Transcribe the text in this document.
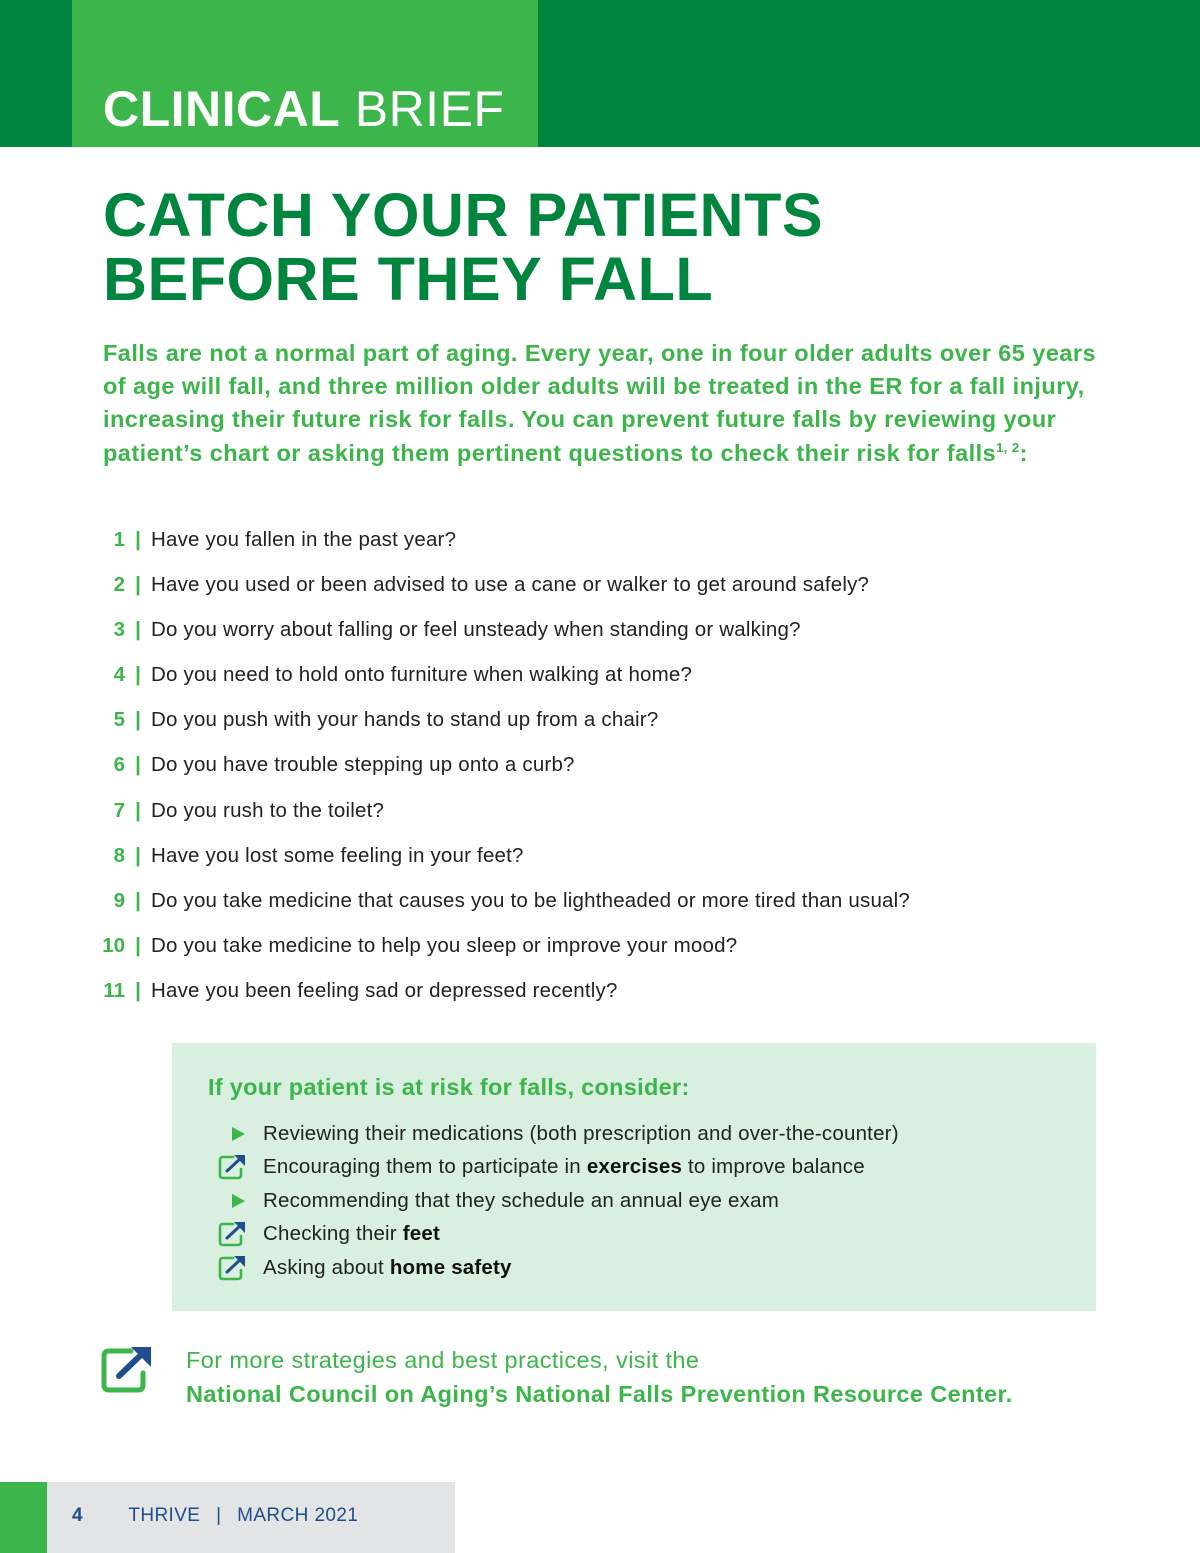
CLINICAL BRIEF
CATCH YOUR PATIENTS
BEFORE THEY FALL

Falls are not a normal part of aging. Every year, one in four older adults over 65 years of age will fall, and three million older adults will be treated in the ER for a fall injury, increasing their future risk for falls. You can prevent future falls by reviewing your patient’s chart or asking them pertinent questions to check their risk for falls$^{1, 2}$:

1 | Have you fallen in the past year?
2 | Have you used or been advised to use a cane or walker to get around safely?
3 | Do you worry about falling or feel unsteady when standing or walking?
4 | Do you need to hold onto furniture when walking at home?
5 | Do you push with your hands to stand up from a chair?
6 | Do you have trouble stepping up onto a curb?
7 | Do you rush to the toilet?
8 | Have you lost some feeling in your feet?
9 | Do you take medicine that causes you to be lightheaded or more tired than usual?
10 | Do you take medicine to help you sleep or improve your mood?
11 | Have you been feeling sad or depressed recently?
If your patient is at risk for falls, consider:
Reviewing their medications (both prescription and over-the-counter)
Encouraging them to participate in exercises to improve balance
Recommending that they schedule an annual eye exam
Checking their feet
Asking about home safety
For more strategies and best practices, visit the
National Council on Aging’s National Falls Prevention Resource Center.
4 THRIVE | MARCH 2021
